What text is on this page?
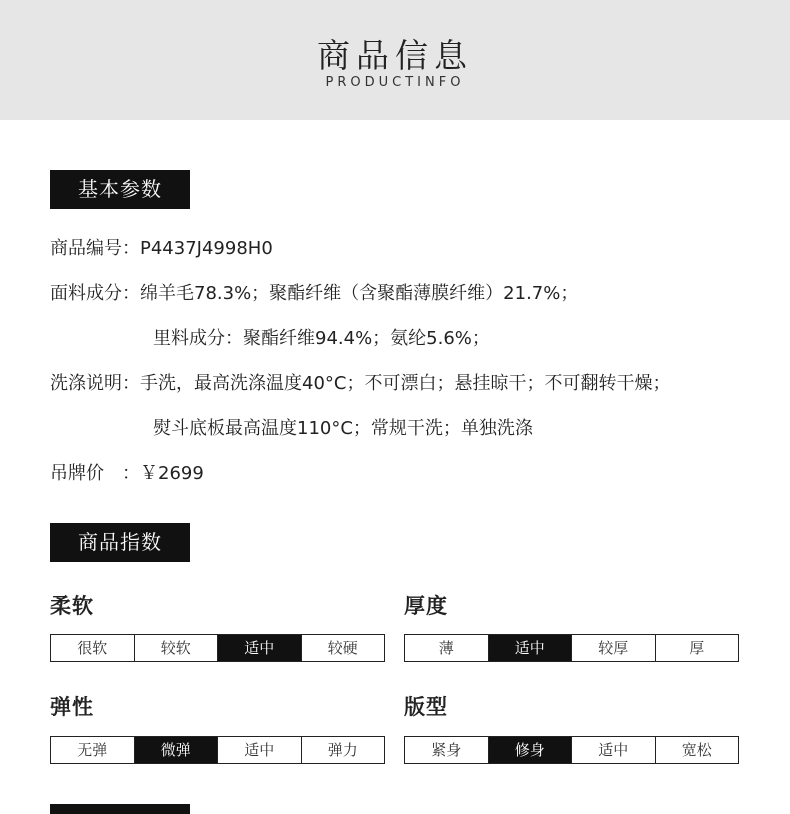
商品信息
PRODUCTINFO
基本参数
商品编号：P4437J4998H0
面料成分：绵羊毛78.3%；聚酯纤维（含聚酯薄膜纤维）21.7%；
里料成分：聚酯纤维94.4%；氨纶5.6%；
洗涤说明：手洗，最高洗涤温度40°C；不可漂白；悬挂晾干；不可翻转干燥；
熨斗底板最高温度110°C；常规干洗；单独洗涤
吊牌价　：￥2699
商品指数
柔软
很软	较软	适中	较硬
厚度
薄	适中	较厚	厚
弹性
无弹	微弹	适中	弹力
版型
紧身	修身	适中	宽松
